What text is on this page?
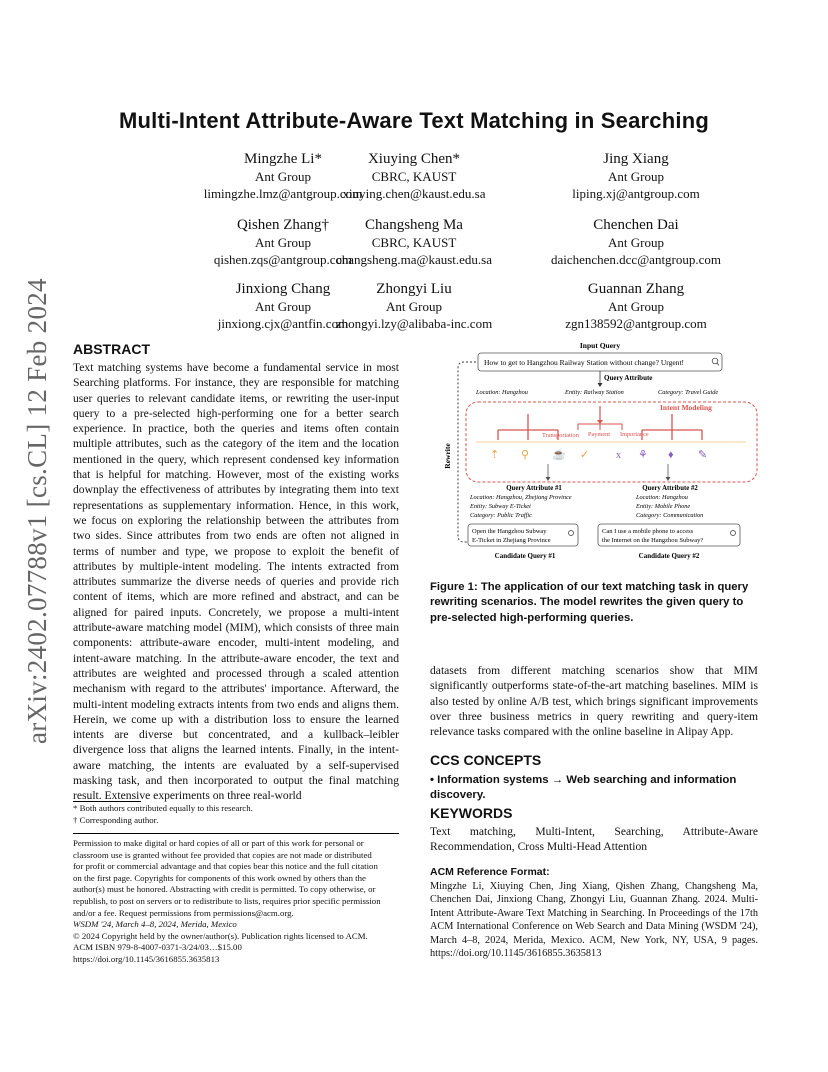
Multi-Intent Attribute-Aware Text Matching in Searching
Mingzhe Li*
Ant Group
limingzhe.lmz@antgroup.com
Xiuying Chen*
CBRC, KAUST
xiuying.chen@kaust.edu.sa
Jing Xiang
Ant Group
liping.xj@antgroup.com
Qishen Zhang†
Ant Group
qishen.zqs@antgroup.com
Changsheng Ma
CBRC, KAUST
changsheng.ma@kaust.edu.sa
Chenchen Dai
Ant Group
daichenchen.dcc@antgroup.com
Jinxiong Chang
Ant Group
jinxiong.cjx@antfin.com
Zhongyi Liu
Ant Group
zhongyi.lzy@alibaba-inc.com
Guannan Zhang
Ant Group
zgn138592@antgroup.com
arXiv:2402.07788v1 [cs.CL] 12 Feb 2024 ABSTRACT
Text matching systems have become a fundamental service in most Searching platforms. For instance, they are responsible for matching user queries to relevant candidate items, or rewriting the user-input query to a pre-selected high-performing one for a better search experience. In practice, both the queries and items often contain multiple attributes, such as the category of the item and the location mentioned in the query, which represent condensed key information that is helpful for matching. However, most of the existing works downplay the effectiveness of attributes by integrating them into text representations as supplementary information. Hence, in this work, we focus on exploring the relationship between the attributes from two sides. Since attributes from two ends are often not aligned in terms of number and type, we propose to exploit the benefit of attributes by multiple-intent modeling. The intents extracted from attributes summarize the diverse needs of queries and provide rich content of items, which are more refined and abstract, and can be aligned for paired inputs. Concretely, we propose a multi-intent attribute-aware matching model (MIM), which consists of three main components: attribute-aware encoder, multi-intent modeling, and intent-aware matching. In the attribute-aware encoder, the text and attributes are weighted and processed through a scaled attention mechanism with regard to the attributes' importance. Afterward, the multi-intent modeling extracts intents from two ends and aligns them. Herein, we come up with a distribution loss to ensure the learned intents are diverse but concentrated, and a kullback–leibler divergence loss that aligns the learned intents. Finally, in the intent-aware matching, the intents are evaluated by a self-supervised masking task, and then incorporated to output the final matching result. Extensive experiments on three real-world
* Both authors contributed equally to this research.
† Corresponding author.
Permission to make digital or hard copies of all or part of this work for personal or
classroom use is granted without fee provided that copies are not made or distributed
for profit or commercial advantage and that copies bear this notice and the full citation
on the first page. Copyrights for components of this work owned by others than the
author(s) must be honored. Abstracting with credit is permitted. To copy otherwise, or
republish, to post on servers or to redistribute to lists, requires prior specific permission
and/or a fee. Request permissions from permissions@acm.org.
WSDM '24, March 4–8, 2024, Merida, Mexico
© 2024 Copyright held by the owner/author(s). Publication rights licensed to ACM.
ACM ISBN 979-8-4007-0371-3/24/03…$15.00
https://doi.org/10.1145/3616855.3635813
Input Query
How to get to Hangzhou Railway Station without change? Urgent!
Query Attribute
Location: Hangzhou	Entity: Railway Station	Category: Travel Guide
Intent Modeling
Transportation Payment Importance
⇡ ⚲ ☕ ✓	x ⚘ ♦ ✎
Rewrite
Query Attribute #1
Location: Hangzhou, Zhejiang Province
Entity: Subway E-Ticket
Category: Public Traffic
Query Attribute #2
Location: Hangzhou
Entity: Mobile Phone
Category: Communication
Open the Hangzhou Subway
E-Ticket in Zhejiang Province
Can I use a mobile phone to access
the Internet on the Hangzhou Subway?
Candidate Query #1	Candidate Query #2
Figure 1: The application of our text matching task in query rewriting scenarios. The model rewrites the given query to pre-selected high-performing queries.
datasets from different matching scenarios show that MIM significantly outperforms state-of-the-art matching baselines. MIM is also tested by online A/B test, which brings significant improvements over three business metrics in query rewriting and query-item relevance tasks compared with the online baseline in Alipay App.
CCS CONCEPTS
• Information systems → Web searching and information discovery.
KEYWORDS
Text matching, Multi-Intent, Searching, Attribute-Aware Recommendation, Cross Multi-Head Attention
ACM Reference Format:
Mingzhe Li, Xiuying Chen, Jing Xiang, Qishen Zhang, Changsheng Ma, Chenchen Dai, Jinxiong Chang, Zhongyi Liu, Guannan Zhang. 2024. Multi-Intent Attribute-Aware Text Matching in Searching. In Proceedings of the 17th ACM International Conference on Web Search and Data Mining (WSDM '24), March 4–8, 2024, Merida, Mexico. ACM, New York, NY, USA, 9 pages. https://doi.org/10.1145/3616855.3635813
